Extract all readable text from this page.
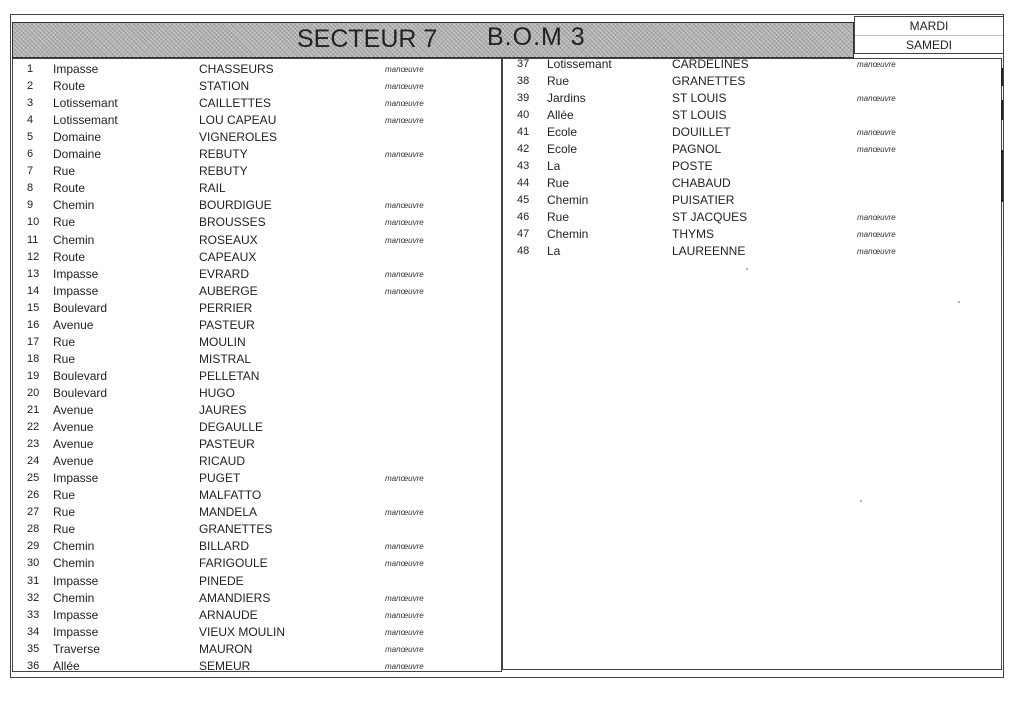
SECTEUR 7 B.O.M 3	MARDI
SAMEDI
1	Impasse	CHASSEURS	manœuvre
2	Route	STATION	manœuvre
3	Lotissemant	CAILLETTES	manœuvre
4	Lotissemant	LOU CAPEAU	manœuvre
5	Domaine	VIGNEROLES
6	Domaine	REBUTY	manœuvre
7	Rue	REBUTY
8	Route	RAIL
9	Chemin	BOURDIGUE	manœuvre
10	Rue	BROUSSES	manœuvre
11	Chemin	ROSEAUX	manœuvre
12	Route	CAPEAUX
13	Impasse	EVRARD	manœuvre
14	Impasse	AUBERGE	manœuvre
15	Boulevard	PERRIER
16	Avenue	PASTEUR
17	Rue	MOULIN
18	Rue	MISTRAL
19	Boulevard	PELLETAN
20	Boulevard	HUGO
21	Avenue	JAURES
22	Avenue	DEGAULLE
23	Avenue	PASTEUR
24	Avenue	RICAUD
25	Impasse	PUGET	manœuvre
26	Rue	MALFATTO
27	Rue	MANDELA	manœuvre
28	Rue	GRANETTES
29	Chemin	BILLARD	manœuvre
30	Chemin	FARIGOULE	manœuvre
31	Impasse	PINEDE
32	Chemin	AMANDIERS	manœuvre
33	Impasse	ARNAUDE	manœuvre
34	Impasse	VIEUX MOULIN	manœuvre
35	Traverse	MAURON	manœuvre
36	Allée	SEMEUR	manœuvre
37	Lotissemant	CARDELINES	manœuvre
38	Rue	GRANETTES
39	Jardins	ST LOUIS	manœuvre
40	Allée	ST LOUIS
41	Ecole	DOUILLET	manœuvre
42	Ecole	PAGNOL	manœuvre
43	La	POSTE
44	Rue	CHABAUD
45	Chemin	PUISATIER
46	Rue	ST JACQUES	manœuvre
47	Chemin	THYMS	manœuvre
48	La	LAUREENNE	manœuvre
